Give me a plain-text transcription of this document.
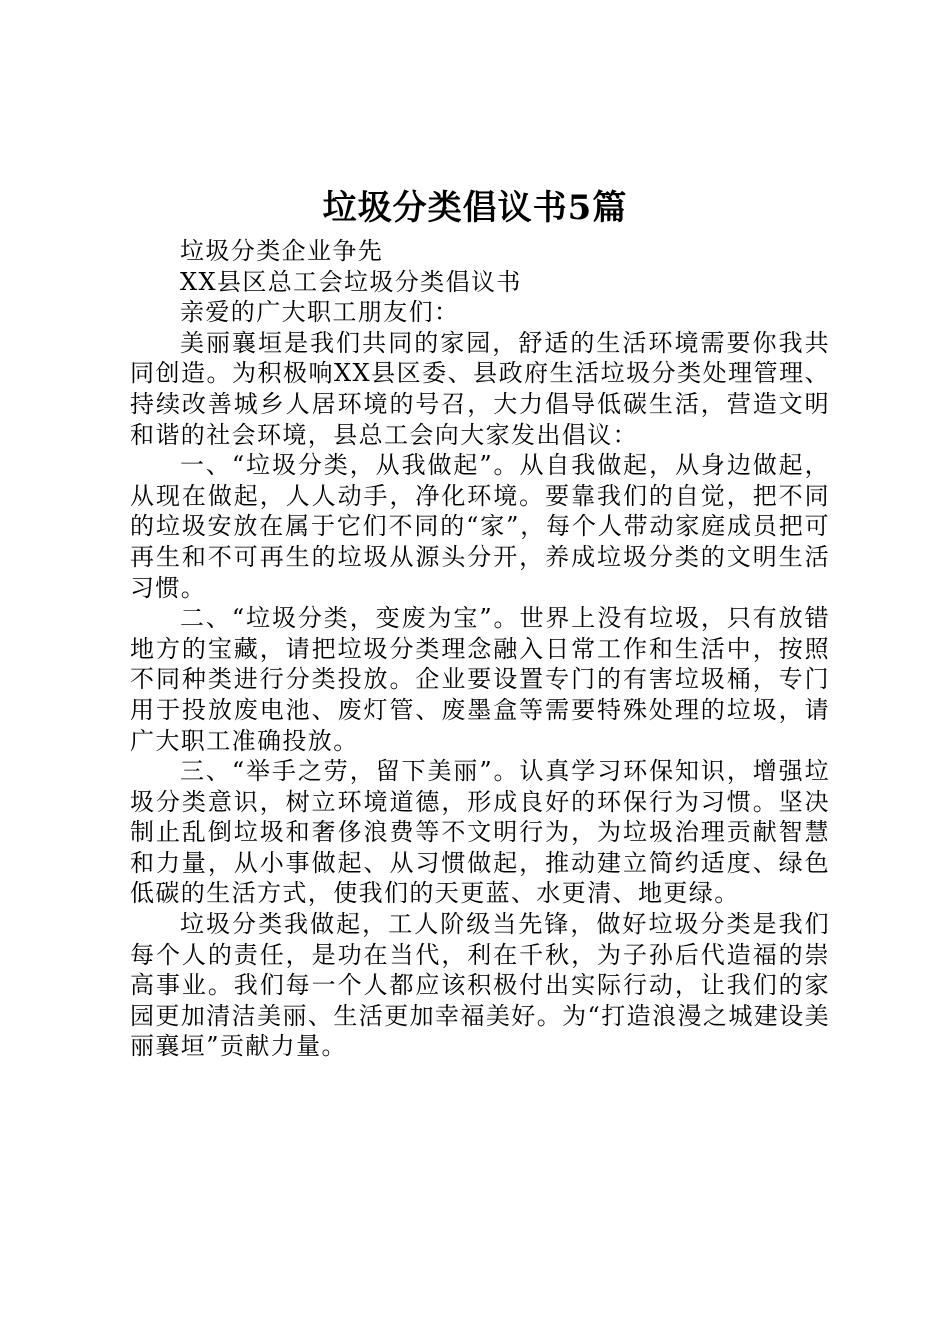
垃圾分类倡议书5篇

垃圾分类企业争先

XX县区总工会垃圾分类倡议书

亲爱的广大职工朋友们：

美丽襄垣是我们共同的家园，舒适的生活环境需要你我共同创造。为积极响XX县区委、县政府生活垃圾分类处理管理、持续改善城乡人居环境的号召，大力倡导低碳生活，营造文明和谐的社会环境，县总工会向大家发出倡议：

一、“垃圾分类，从我做起”。从自我做起，从身边做起，从现在做起，人人动手，净化环境。要靠我们的自觉，把不同的垃圾安放在属于它们不同的“家”，每个人带动家庭成员把可再生和不可再生的垃圾从源头分开，养成垃圾分类的文明生活习惯。

二、“垃圾分类，变废为宝”。世界上没有垃圾，只有放错地方的宝藏，请把垃圾分类理念融入日常工作和生活中，按照不同种类进行分类投放。企业要设置专门的有害垃圾桶，专门用于投放废电池、废灯管、废墨盒等需要特殊处理的垃圾，请广大职工准确投放。

三、“举手之劳，留下美丽”。认真学习环保知识，增强垃圾分类意识，树立环境道德，形成良好的环保行为习惯。坚决制止乱倒垃圾和奢侈浪费等不文明行为，为垃圾治理贡献智慧和力量，从小事做起、从习惯做起，推动建立简约适度、绿色低碳的生活方式，使我们的天更蓝、水更清、地更绿。

垃圾分类我做起，工人阶级当先锋，做好垃圾分类是我们每个人的责任，是功在当代，利在千秋，为子孙后代造福的崇高事业。我们每一个人都应该积极付出实际行动，让我们的家园更加清洁美丽、生活更加幸福美好。为“打造浪漫之城建设美丽襄垣”贡献力量。
